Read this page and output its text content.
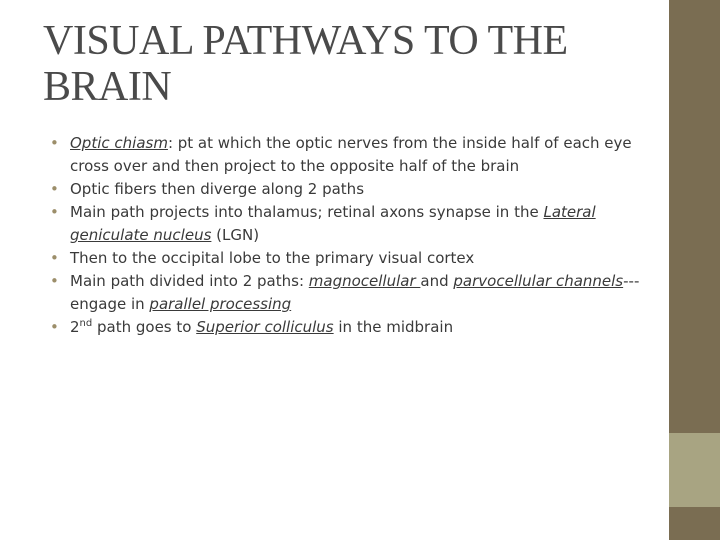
VISUAL PATHWAYS TO THE
BRAIN
• Optic chiasm: pt at which the optic nerves from the inside half of each eye cross over and then project to the opposite half of the brain
• Optic fibers then diverge along 2 paths
• Main path projects into thalamus; retinal axons synapse in the Lateral geniculate nucleus (LGN)
• Then to the occipital lobe to the primary visual cortex
• Main path divided into 2 paths: magnocellular and parvocellular channels---engage in parallel processing
• 2nd path goes to Superior colliculus in the midbrain
